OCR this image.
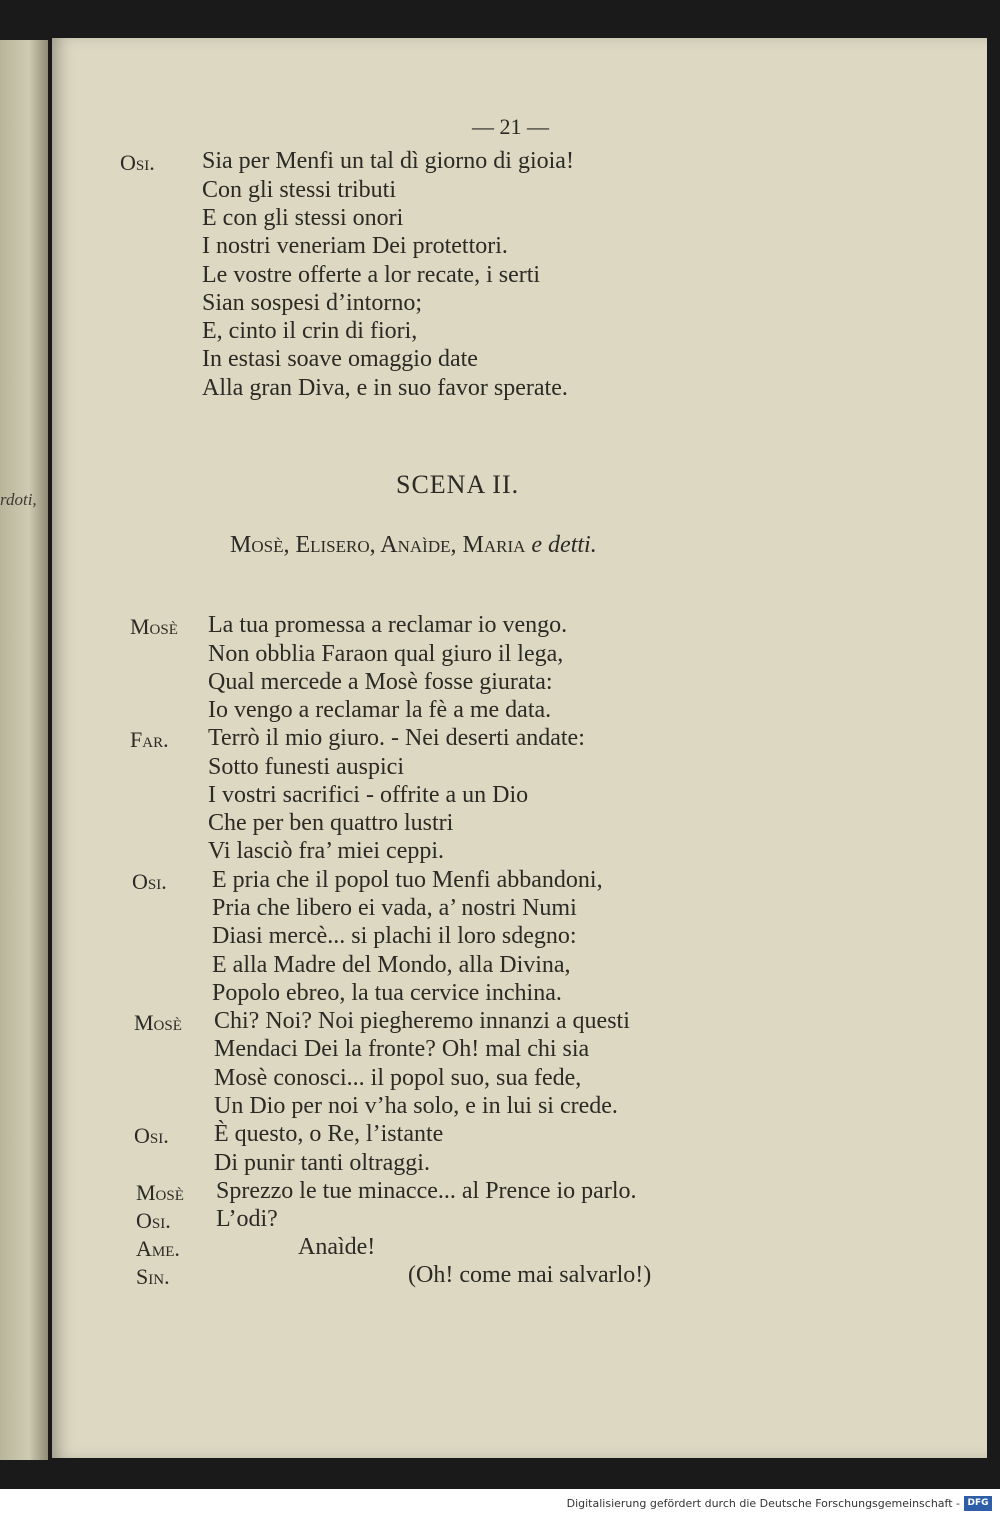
rdoti,
— 21 —
Osi. Sia per Menfi un tal dì giorno di gioia!
Con gli stessi tributi
E con gli stessi onori
I nostri veneriam Dei protettori.
Le vostre offerte a lor recate, i serti
Sian sospesi d’intorno;
E, cinto il crin di fiori,
In estasi soave omaggio date
Alla gran Diva, e in suo favor sperate.
SCENA II.
Mosè, Elisero, Anaìde, Maria e detti.
Mosè La tua promessa a reclamar io vengo.
Non obblia Faraon qual giuro il lega,
Qual mercede a Mosè fosse giurata:
Io vengo a reclamar la fè a me data.
Far. Terrò il mio giuro. - Nei deserti andate:
Sotto funesti auspici
I vostri sacrifici - offrite a un Dio
Che per ben quattro lustri
Vi lasciò fra’ miei ceppi.
Osi. E pria che il popol tuo Menfi abbandoni,
Pria che libero ei vada, a’ nostri Numi
Diasi mercè... si plachi il loro sdegno:
E alla Madre del Mondo, alla Divina,
Popolo ebreo, la tua cervice inchina.
Mosè Chi? Noi? Noi piegheremo innanzi a questi
Mendaci Dei la fronte? Oh! mal chi sia
Mosè conosci... il popol suo, sua fede,
Un Dio per noi v’ha solo, e in lui si crede.
Osi. È questo, o Re, l’istante
Di punir tanti oltraggi.
Mosè Sprezzo le tue minacce... al Prence io parlo.
Osi. L’odi?
Ame.	Anaìde!
Sin.	(Oh! come mai salvarlo!)
Digitalisierung gefördert durch die Deutsche Forschungsgemeinschaft - DFG
